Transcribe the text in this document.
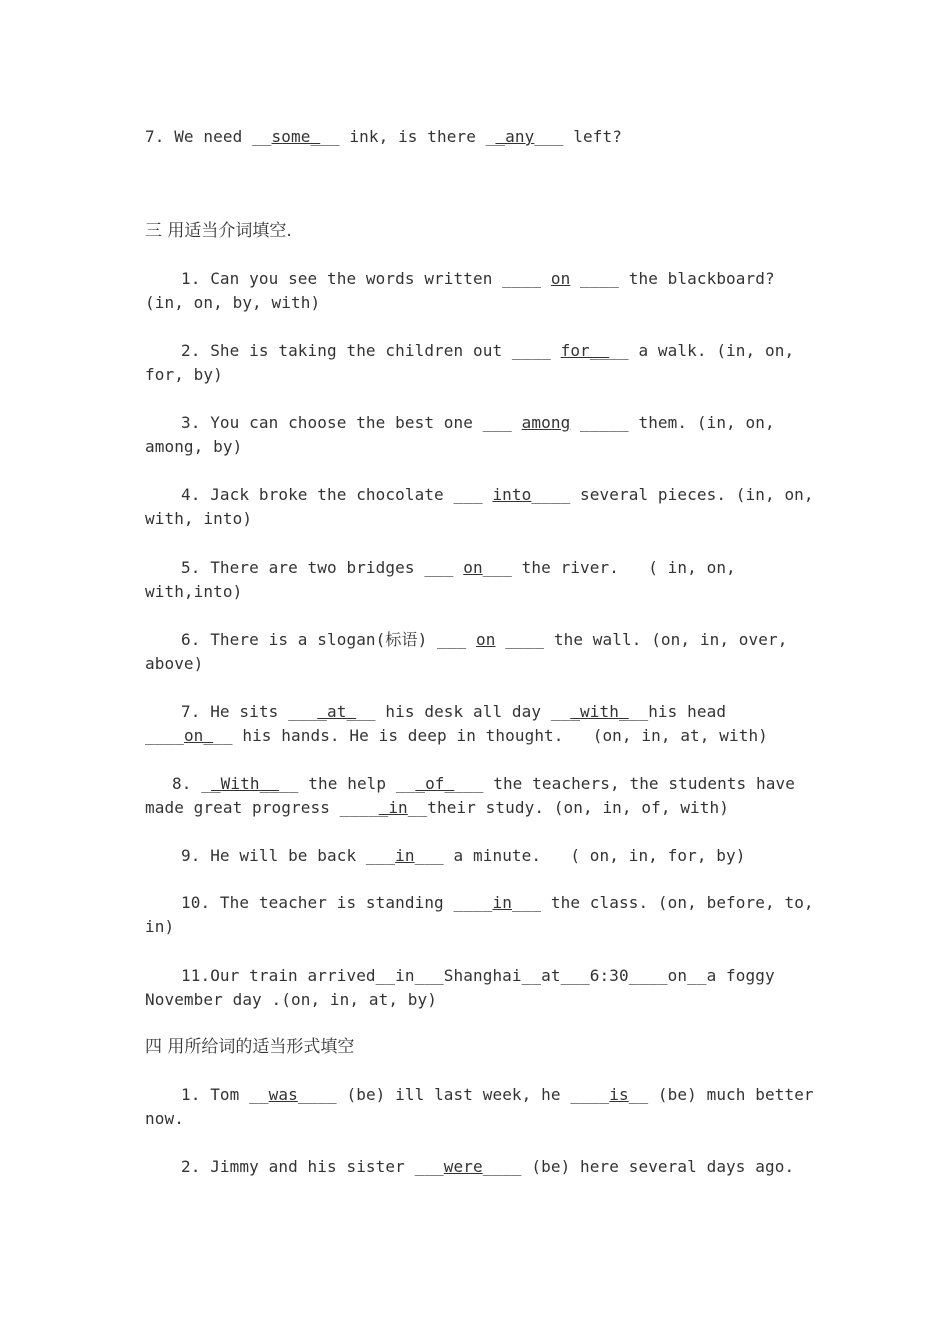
7. We need __some___ ink, is there __any___ left?
三 用适当介词填空.
1. Can you see the words written ____ on ____ the blackboard?
(in, on, by, with)
2. She is taking the children out ____ for____ a walk. (in, on,
for, by)
3. You can choose the best one ___ among _____ them. (in, on,
among, by)
4. Jack broke the chocolate ___ into____ several pieces. (in, on,
with, into)
5. There are two bridges ___ on___ the river.   ( in, on,
with,into)
6. There is a slogan(标语) ___ on ____ the wall. (on, in, over,
above)
7. He sits ____at___ his desk all day ___with___his head
____on___ his hands. He is deep in thought.   (on, in, at, with)
8. __With____ the help ___of____ the teachers, the students have
made great progress _____in__their study. (on, in, of, with)
9. He will be back ___in___ a minute.   ( on, in, for, by)
10. The teacher is standing ____in___ the class. (on, before, to,
in)
11.Our train arrived__in___Shanghai__at___6:30____on__a foggy
November day .(on, in, at, by)
四 用所给词的适当形式填空
1. Tom __was____ (be) ill last week, he ____is__ (be) much better
now.
2. Jimmy and his sister ___were____ (be) here several days ago.
